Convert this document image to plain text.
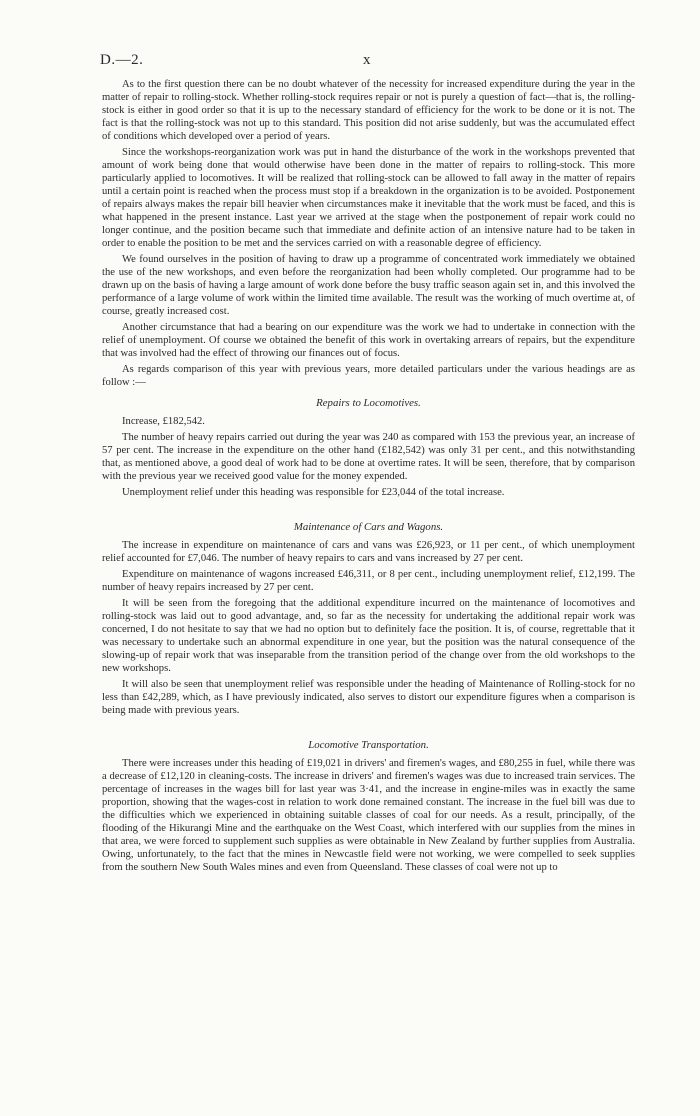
D.—2.	x

As to the first question there can be no doubt whatever of the necessity for increased expenditure during the year in the matter of repair to rolling-stock. Whether rolling-stock requires repair or not is purely a question of fact—that is, the rolling-stock is either in good order so that it is up to the necessary standard of efficiency for the work to be done or it is not. The fact is that the rolling-stock was not up to this standard. This position did not arise suddenly, but was the accumulated effect of conditions which developed over a period of years.

Since the workshops-reorganization work was put in hand the disturbance of the work in the workshops prevented that amount of work being done that would otherwise have been done in the matter of repairs to rolling-stock. This more particularly applied to locomotives. It will be realized that rolling-stock can be allowed to fall away in the matter of repairs until a certain point is reached when the process must stop if a breakdown in the organization is to be avoided. Postponement of repairs always makes the repair bill heavier when circumstances make it inevitable that the work must be faced, and this is what happened in the present instance. Last year we arrived at the stage when the postponement of repair work could no longer continue, and the position became such that immediate and definite action of an intensive nature had to be taken in order to enable the position to be met and the services carried on with a reasonable degree of efficiency.

We found ourselves in the position of having to draw up a programme of concentrated work immediately we obtained the use of the new workshops, and even before the reorganization had been wholly completed. Our programme had to be drawn up on the basis of having a large amount of work done before the busy traffic season again set in, and this involved the performance of a large volume of work within the limited time available. The result was the working of much overtime at, of course, greatly increased cost.

Another circumstance that had a bearing on our expenditure was the work we had to undertake in connection with the relief of unemployment. Of course we obtained the benefit of this work in overtaking arrears of repairs, but the expenditure that was involved had the effect of throwing our finances out of focus.

As regards comparison of this year with previous years, more detailed particulars under the various headings are as follow :—

Repairs to Locomotives.

Increase, £182,542.

The number of heavy repairs carried out during the year was 240 as compared with 153 the previous year, an increase of 57 per cent. The increase in the expenditure on the other hand (£182,542) was only 31 per cent., and this notwithstanding that, as mentioned above, a good deal of work had to be done at overtime rates. It will be seen, therefore, that by comparison with the previous year we received good value for the money expended.

Unemployment relief under this heading was responsible for £23,044 of the total increase.

Maintenance of Cars and Wagons.

The increase in expenditure on maintenance of cars and vans was £26,923, or 11 per cent., of which unemployment relief accounted for £7,046. The number of heavy repairs to cars and vans increased by 27 per cent.

Expenditure on maintenance of wagons increased £46,311, or 8 per cent., including unemployment relief, £12,199. The number of heavy repairs increased by 27 per cent.

It will be seen from the foregoing that the additional expenditure incurred on the maintenance of locomotives and rolling-stock was laid out to good advantage, and, so far as the necessity for undertaking the additional repair work was concerned, I do not hesitate to say that we had no option but to definitely face the position. It is, of course, regrettable that it was necessary to undertake such an abnormal expenditure in one year, but the position was the natural consequence of the slowing-up of repair work that was inseparable from the transition period of the change over from the old workshops to the new workshops.

It will also be seen that unemployment relief was responsible under the heading of Maintenance of Rolling-stock for no less than £42,289, which, as I have previously indicated, also serves to distort our expenditure figures when a comparison is being made with previous years.

Locomotive Transportation.

There were increases under this heading of £19,021 in drivers' and firemen's wages, and £80,255 in fuel, while there was a decrease of £12,120 in cleaning-costs. The increase in drivers' and firemen's wages was due to increased train services. The percentage of increases in the wages bill for last year was 3·41, and the increase in engine-miles was in exactly the same proportion, showing that the wages-cost in relation to work done remained constant. The increase in the fuel bill was due to the difficulties which we experienced in obtaining suitable classes of coal for our needs. As a result, principally, of the flooding of the Hikurangi Mine and the earthquake on the West Coast, which interfered with our supplies from the mines in that area, we were forced to supplement such supplies as were obtainable in New Zealand by further supplies from Australia. Owing, unfortunately, to the fact that the mines in Newcastle field were not working, we were compelled to seek supplies from the southern New South Wales mines and even from Queensland. These classes of coal were not up to
